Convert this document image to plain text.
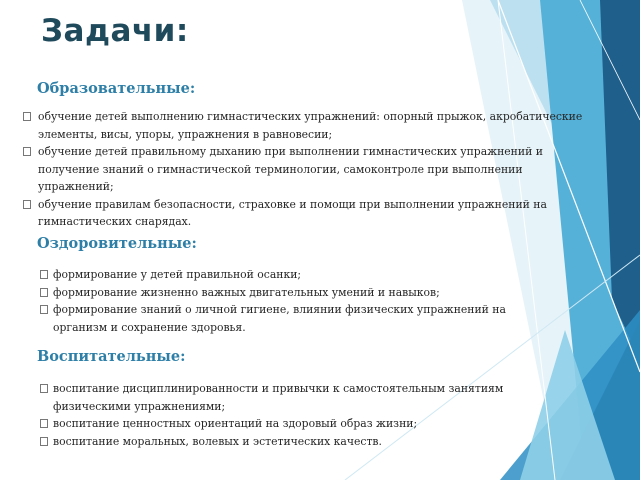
Задачи:
Образовательные:
обучение детей выполнению гимнастических упражнений: опорный прыжок, акробатические элементы, висы, упоры, упражнения в равновесии;
обучение детей правильному дыханию при выполнении гимнастических упражнений и получение знаний о гимнастической терминологии, самоконтроле при выполнении упражнений;
обучение правилам безопасности, страховке и помощи при выполнении упражнений на гимнастических снарядах.
Оздоровительные:
формирование у детей правильной осанки;
формирование жизненно важных двигательных умений и навыков;
формирование знаний о личной гигиене, влиянии физических упражнений на организм и сохранение здоровья.
Воспитательные:
воспитание дисциплинированности и привычки к самостоятельным занятиям физическими упражнениями;
воспитание ценностных ориентаций на здоровый образ жизни;
воспитание моральных, волевых и эстетических качеств.
